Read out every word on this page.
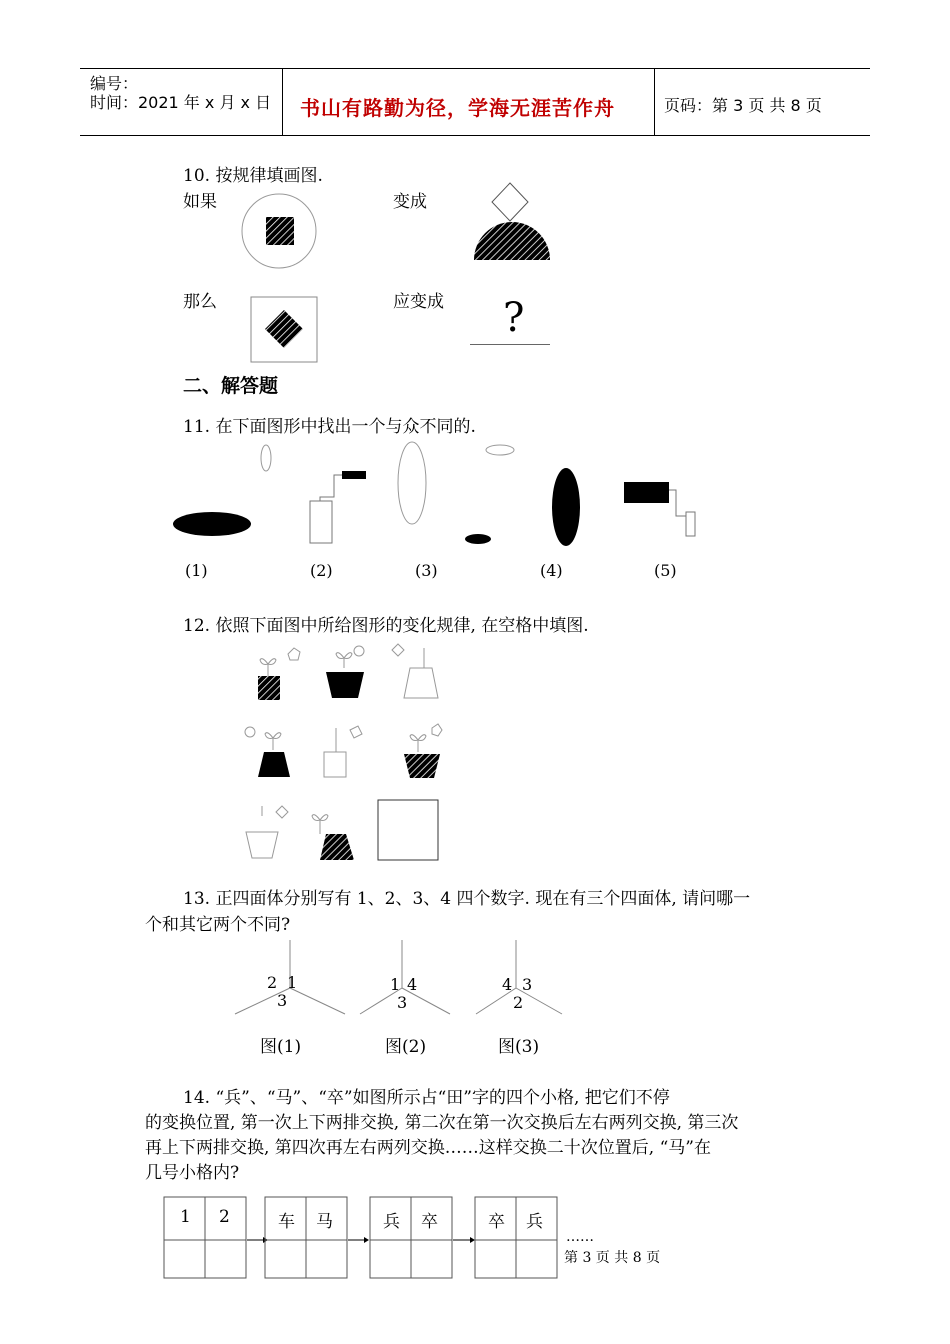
编号：
时间：2021 年 x 月 x 日 书山有路勤为径，学海无涯苦作舟	页码：第 3 页 共 8 页
10. 按规律填画图.
如果	变成
那么	应变成 ?
二、解答题
11. 在下面图形中找出一个与众不同的.
(1)	(2)	(3)	(4)	(5)
12. 依照下面图中所给图形的变化规律, 在空格中填图.
13. 正四面体分别写有 1、2、3、4 四个数字. 现在有三个四面体, 请问哪一
个和其它两个不同?
2 1
3
图(1)
1 4
3
图(2)
4 3
2
图(3)
14. “兵”、“马”、“卒”如图所示占“田”字的四个小格, 把它们不停
的变换位置, 第一次上下两排交换, 第二次在第一次交换后左右两列交换, 第三次
再上下两排交换, 第四次再左右两列交换……这样交换二十次位置后, “马”在
几号小格内?
1 2	车 马	兵 卒	卒 兵
……
第 3 页 共 8 页
